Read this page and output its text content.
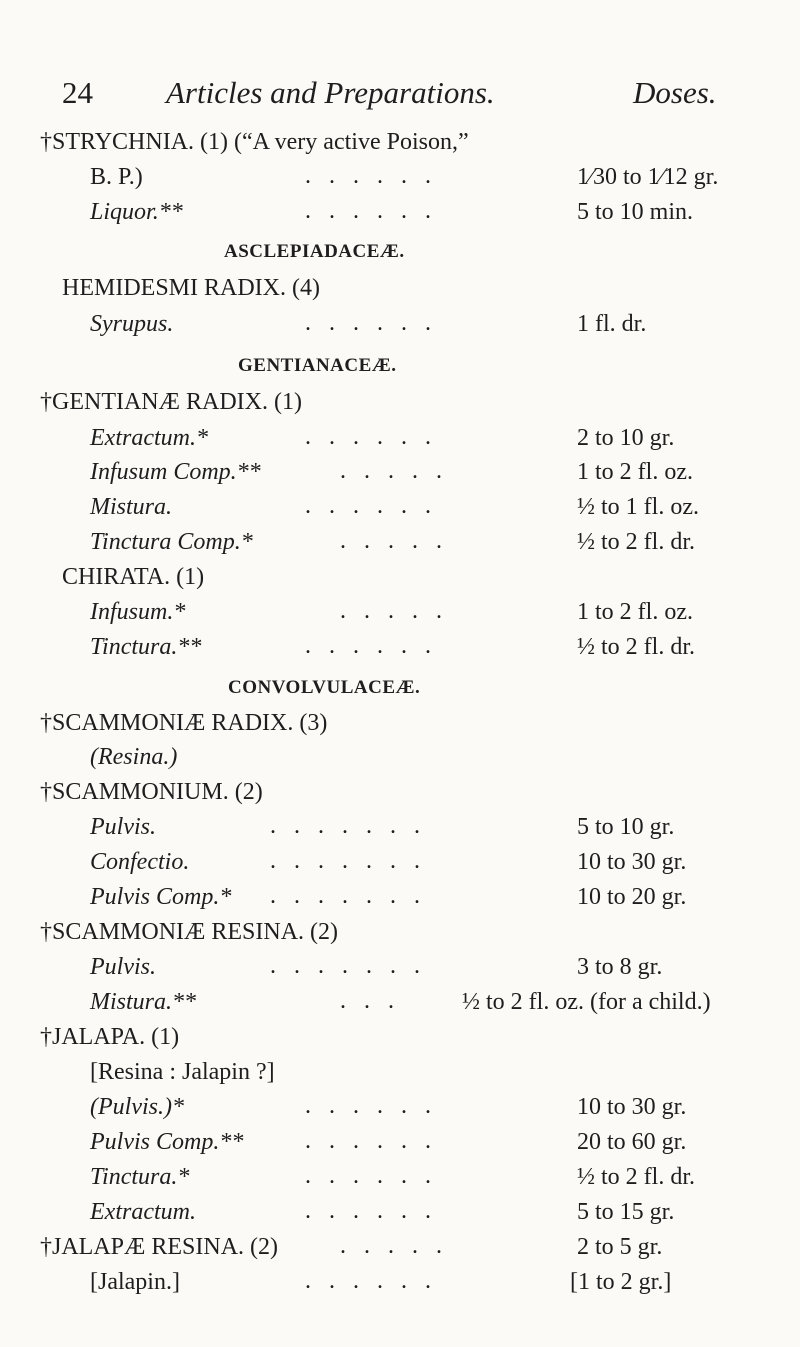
24 Articles and Preparations.	Doses.
†STRYCHNIA. (1) (“A very active Poison,”
B. P.)	......	1⁄30 to 1⁄12 gr.
Liquor.**	......	5 to 10 min.
ASCLEPIADACEÆ.
HEMIDESMI RADIX. (4)
Syrupus.	......	1 fl. dr.
GENTIANACEÆ.
†GENTIANÆ RADIX. (1)
Extractum.*	......	2 to 10 gr.
Infusum Comp.**	.....	1 to 2 fl. oz.
Mistura.	......	½ to 1 fl. oz.
Tinctura Comp.*	.....	½ to 2 fl. dr.
CHIRATA. (1)
Infusum.*	.....	1 to 2 fl. oz.
Tinctura.**	......	½ to 2 fl. dr.
CONVOLVULACEÆ.
†SCAMMONIÆ RADIX. (3)
(Resina.)
†SCAMMONIUM. (2)
Pulvis.	.......	5 to 10 gr.
Confectio.	.......	10 to 30 gr.
Pulvis Comp.* .......	10 to 20 gr.
†SCAMMONIÆ RESINA. (2)
Pulvis.	.......	3 to 8 gr.
Mistura.**	... ½ to 2 fl. oz. (for a child.)
†JALAPA. (1)
[Resina : Jalapin ?]
(Pulvis.)*	......	10 to 30 gr.
Pulvis Comp.**	......	20 to 60 gr.
Tinctura.*	......	½ to 2 fl. dr.
Extractum.	......	5 to 15 gr.
†JALAPÆ RESINA. (2)	.....	2 to 5 gr.
[Jalapin.]	......	[1 to 2 gr.]
